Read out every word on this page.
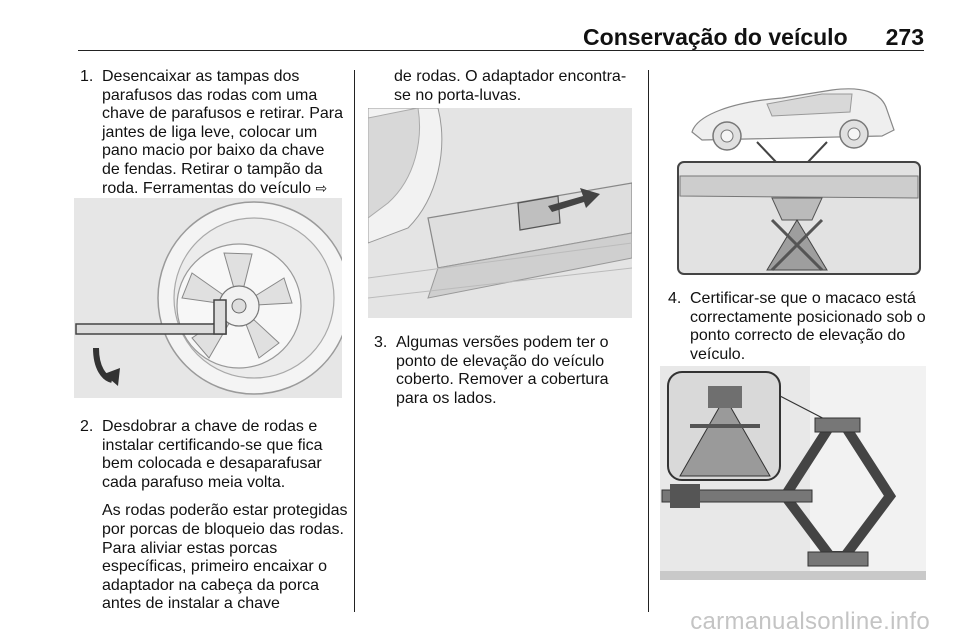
Conservação do veículo 273
1. Desencaixar as tampas dos parafusos das rodas com uma chave de parafusos e retirar. Para jantes de liga leve, colocar um pano macio por baixo da chave de fendas. Retirar o tampão da roda. Ferramentas do veículo ⇨
2. Desdobrar a chave de rodas e instalar certificando-se que fica bem colocada e desaparafusar cada parafuso meia volta.

As rodas poderão estar protegidas por porcas de bloqueio das rodas. Para aliviar estas porcas específicas, primeiro encaixar o adaptador na cabeça da porca antes de instalar a chave

de rodas. O adaptador encontra-se no porta-luvas.

3. Algumas versões podem ter o ponto de elevação do veículo coberto. Remover a cobertura para os lados.
4. Certificar-se que o macaco está correctamente posicionado sob o ponto correcto de elevação do veículo.
carmanualsonline.info
